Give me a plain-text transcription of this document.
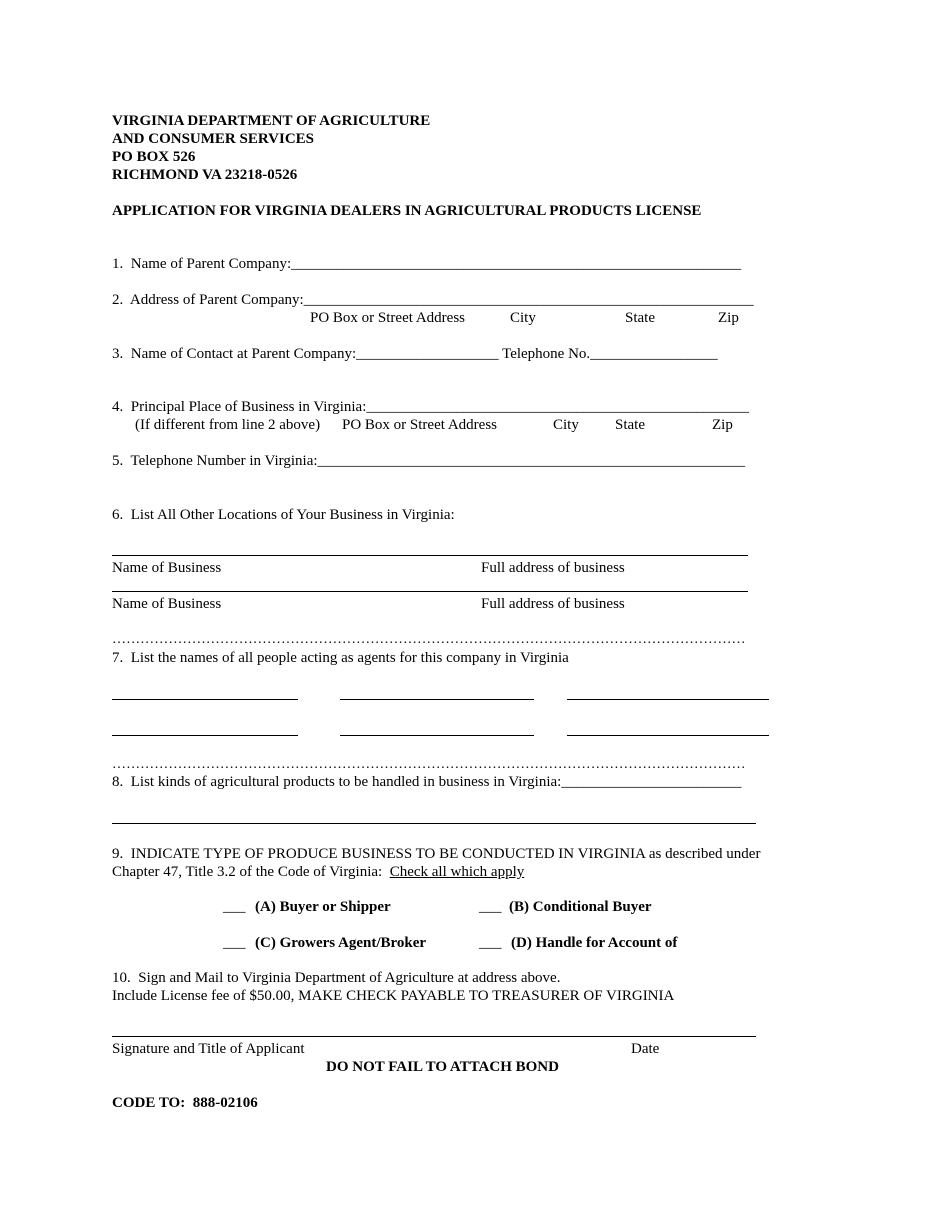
VIRGINIA DEPARTMENT OF AGRICULTURE
AND CONSUMER SERVICES
PO BOX 526
RICHMOND VA 23218-0526
APPLICATION FOR VIRGINIA DEALERS IN AGRICULTURAL PRODUCTS LICENSE
1.  Name of Parent Company:____________________________________________________________
2.  Address of Parent Company:____________________________________________________________
PO Box or Street Address	City	State	Zip
3.  Name of Contact at Parent Company:___________________ Telephone No._________________
4.  Principal Place of Business in Virginia:___________________________________________________
(If different from line 2 above) PO Box or Street Address	City State	Zip
5.  Telephone Number in Virginia:_________________________________________________________
6.  List All Other Locations of Your Business in Virginia:
Name of Business	Full address of business
Name of Business	Full address of business
………………………………………………………………………………………………………………………
7.  List the names of all people acting as agents for this company in Virginia
………………………………………………………………………………………………………………………
8.  List kinds of agricultural products to be handled in business in Virginia:________________________
9.  INDICATE TYPE OF PRODUCE BUSINESS TO BE CONDUCTED IN VIRGINIA as described under
Chapter 47, Title 3.2 of the Code of Virginia:  Check all which apply
___ (A) Buyer or Shipper	___ (B) Conditional Buyer
___ (C) Growers Agent/Broker	___ (D) Handle for Account of
10.  Sign and Mail to Virginia Department of Agriculture at address above.
Include License fee of $50.00, MAKE CHECK PAYABLE TO TREASURER OF VIRGINIA
Signature and Title of Applicant	Date
DO NOT FAIL TO ATTACH BOND
CODE TO:  888-02106
